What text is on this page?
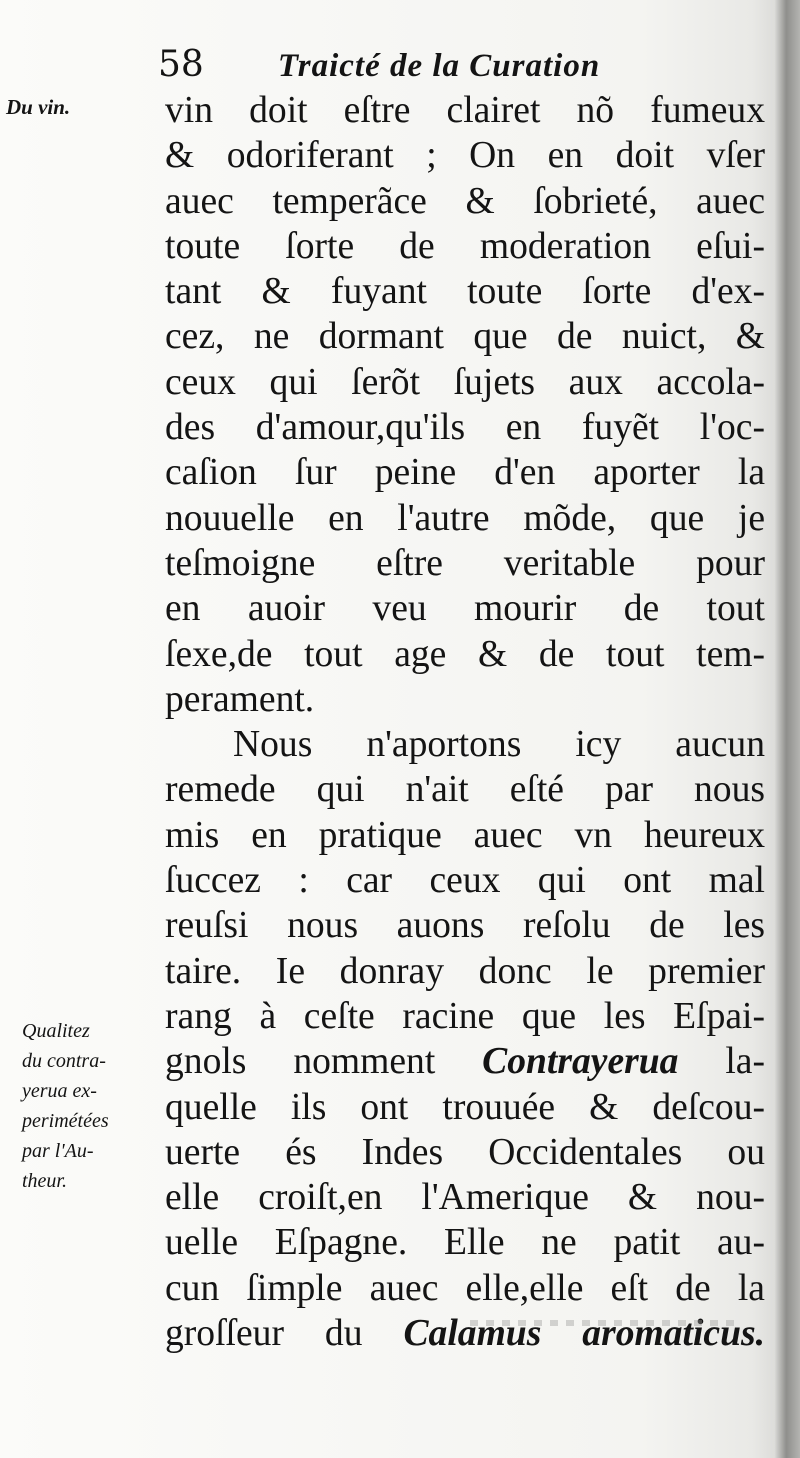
58 Traicté de la Curation
Du vin.
Qualitez
du contra-
yerua ex-
perimétées
par l'Au-
theur.
vin doit eſtre clairet nõ fumeux
& odoriferant ; On en doit vſer
auec temperãce & ſobrieté, auec
toute ſorte de moderation eſui-
tant & fuyant toute ſorte d'ex-
cez, ne dormant que de nuict, &
ceux qui ſerõt ſujets aux accola-
des d'amour,qu'ils en fuyẽt l'oc-
caſion ſur peine d'en aporter la
nouuelle en l'autre mõde, que je
teſmoigne eſtre veritable pour
en auoir veu mourir de tout
ſexe,de tout age & de tout tem-
perament.
Nous n'aportons icy aucun
remede qui n'ait eſté par nous
mis en pratique auec vn heureux
ſuccez : car ceux qui ont mal
reuſsi nous auons reſolu de les
taire. Ie donray donc le premier
rang à ceſte racine que les Eſpai-
gnols nomment Contrayerua la-
quelle ils ont trouuée & deſcou-
uerte és Indes Occidentales ou
elle croiſt,en l'Amerique & nou-
uelle Eſpagne. Elle ne patit au-
cun ſimple auec elle,elle eſt de la
groſſeur du Calamus aromaticus.
